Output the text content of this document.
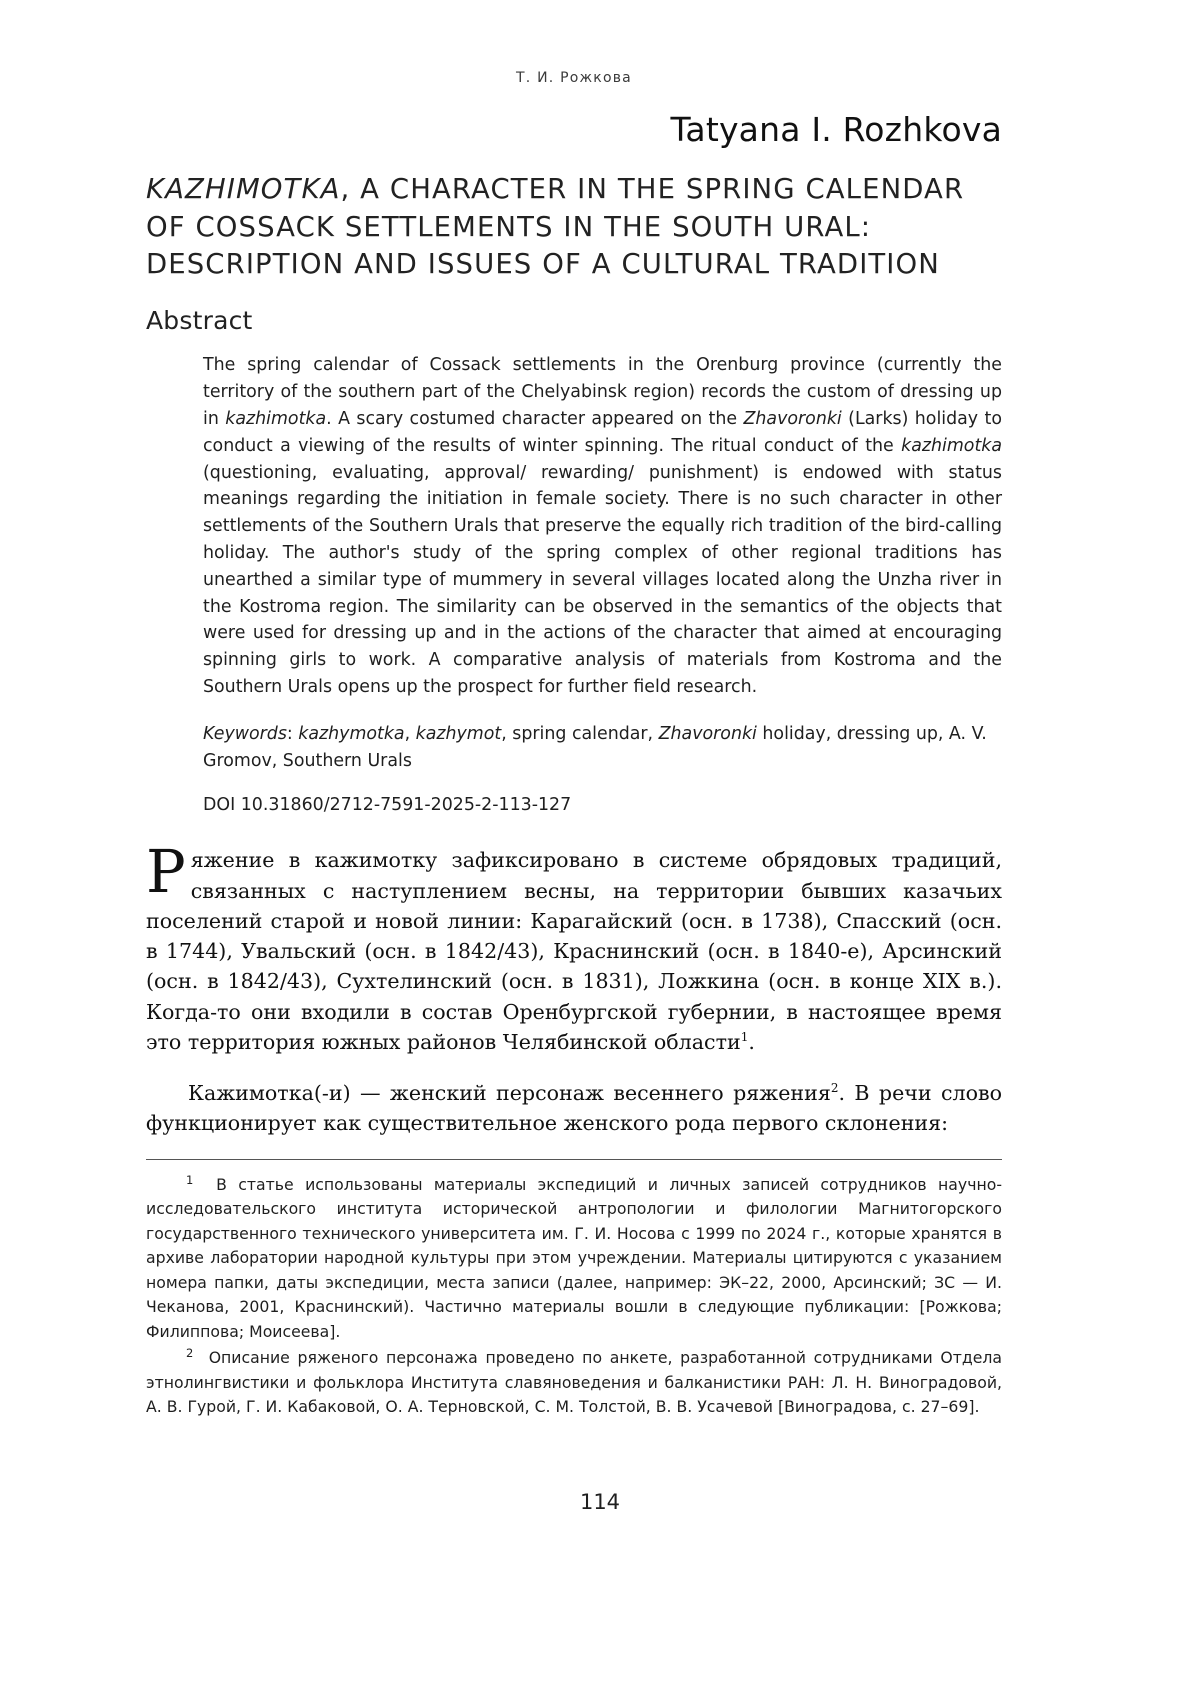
Т. И. Рожкова
Tatyana I. Rozhkova
KAZHIMOTKA, A CHARACTER IN THE SPRING CALENDAR
OF COSSACK SETTLEMENTS IN THE SOUTH URAL:
DESCRIPTION AND ISSUES OF A CULTURAL TRADITION
Abstract

The spring calendar of Cossack settlements in the Orenburg province (currently the territory of the southern part of the Chelyabinsk region) records the custom of dressing up in kazhimotka. A scary costumed character appeared on the Zhavoronki (Larks) holiday to conduct a viewing of the results of winter spinning. The ritual conduct of the kazhimotka (questioning, evaluating, approval/ rewarding/ punishment) is endowed with status meanings regarding the initiation in female society. There is no such character in other settlements of the Southern Urals that preserve the equally rich tradition of the bird-calling holiday. The author's study of the spring complex of other regional traditions has unearthed a similar type of mummery in several villages located along the Unzha river in the Kostroma region. The similarity can be observed in the semantics of the objects that were used for dressing up and in the actions of the character that aimed at encouraging spinning girls to work. A comparative analysis of materials from Kostroma and the Southern Urals opens up the prospect for further field research.

Keywords: kazhymotka, kazhymot, spring calendar, Zhavoronki holiday, dressing up, A. V. Gromov, Southern Urals

DOI 10.31860/2712-7591-2025-2-113-127

Ряжение в кажимотку зафиксировано в системе обрядовых традиций, связанных с наступлением весны, на территории бывших казачьих поселений старой и новой линии: Карагайский (осн. в 1738), Спасский (осн. в 1744), Увальский (осн. в 1842/43), Краснинский (осн. в 1840‑е), Арсинский (осн. в 1842/43), Сухтелинский (осн. в 1831), Ложкина (осн. в конце XIX в.). Когда‑то они входили в состав Оренбургской губернии, в настоящее время это территория южных районов Челябинской области$^1$.

Кажимотка(‑и) — женский персонаж весеннего ряжения$^2$. В речи слово функционирует как существительное женского рода первого склонения:

$^1$ В статье использованы материалы экспедиций и личных записей сотрудников научно-исследовательского института исторической антропологии и филологии Магнитогорского государственного технического университета им. Г. И. Носова с 1999 по 2024 г., которые хранятся в архиве лаборатории народной культуры при этом учреждении. Материалы цитируются с указанием номера папки, даты экспедиции, места записи (далее, например: ЭК–22, 2000, Арсинский; ЗС — И. Чеканова, 2001, Краснинский). Частично материалы вошли в следующие публикации: [Рожкова; Филиппова; Моисеева].
$^2$ Описание ряженого персонажа проведено по анкете, разработанной сотрудниками Отдела этнолингвистики и фольклора Института славяноведения и балканистики РАН: Л. Н. Виноградовой, А. В. Гурой, Г. И. Кабаковой, О. А. Терновской, С. М. Толстой, В. В. Усачевой [Виноградова, с. 27–69].
114
